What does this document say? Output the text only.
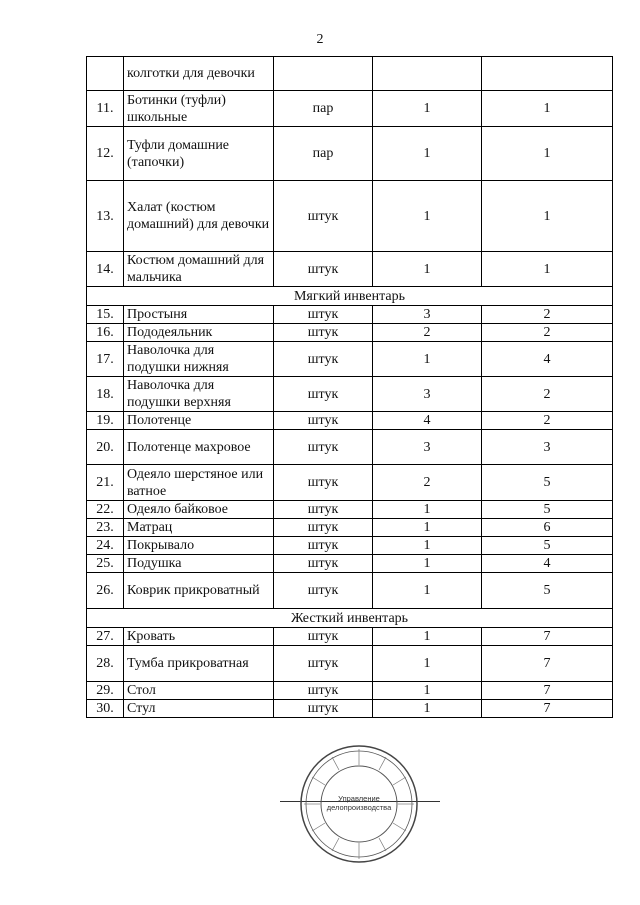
2
	колготки для девочки			
11.	Ботинки (туфли) школьные	пар	1	1
12.	Туфли домашние (тапочки)	пар	1	1
13.	Халат (костюм домашний) для девочки	штук	1	1
14.	Костюм домашний для мальчика	штук	1	1
Мягкий инвентарь				
15.	Простыня	штук	3	2
16.	Пододеяльник	штук	2	2
17.	Наволочка для подушки нижняя	штук	1	4
18.	Наволочка для подушки верхняя	штук	3	2
19.	Полотенце	штук	4	2
20.	Полотенце махровое	штук	3	3
21.	Одеяло шерстяное или ватное	штук	2	5
22.	Одеяло байковое	штук	1	5
23.	Матрац	штук	1	6
24.	Покрывало	штук	1	5
25.	Подушка	штук	1	4
26.	Коврик прикроватный	штук	1	5
Жесткий инвентарь				
27.	Кровать	штук	1	7
28.	Тумба прикроватная	штук	1	7
29.	Стол	штук	1	7
30.	Стул	штук	1	7
Управление
делопроизводства
